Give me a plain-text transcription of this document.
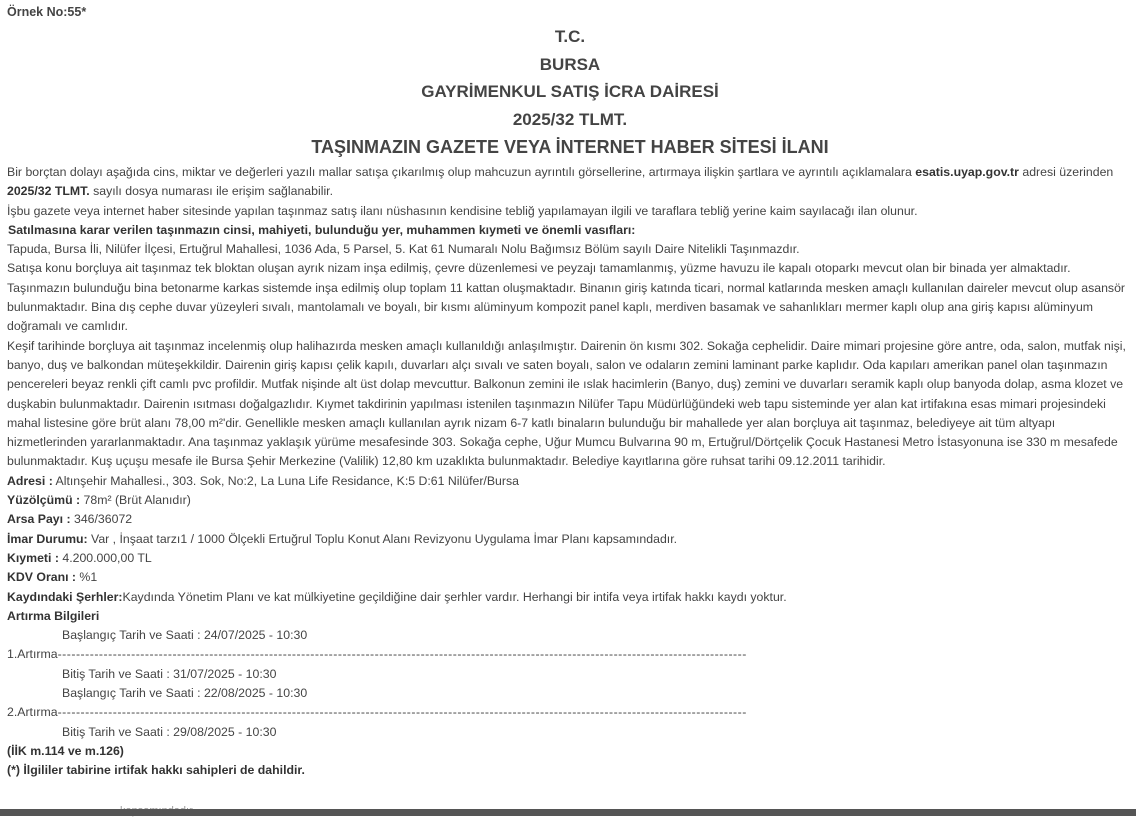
Örnek No:55*
T.C.
BURSA
GAYRİMENKUL SATIŞ İCRA DAİRESİ
2025/32 TLMT.
TAŞINMAZIN GAZETE VEYA İNTERNET HABER SİTESİ İLANI

Bir borçtan dolayı aşağıda cins, miktar ve değerleri yazılı mallar satışa çıkarılmış olup mahcuzun ayrıntılı görsellerine, artırmaya ilişkin şartlara ve ayrıntılı açıklamalara esatis.uyap.gov.tr adresi üzerinden 2025/32 TLMT. sayılı dosya numarası ile erişim sağlanabilir.

İşbu gazete veya internet haber sitesinde yapılan taşınmaz satış ilanı nüshasının kendisine tebliğ yapılamayan ilgili ve taraflara tebliğ yerine kaim sayılacağı ilan olunur.

Satılmasına karar verilen taşınmazın cinsi, mahiyeti, bulunduğu yer, muhammen kıymeti ve önemli vasıfları:

Tapuda, Bursa İli, Nilüfer İlçesi, Ertuğrul Mahallesi, 1036 Ada, 5 Parsel, 5. Kat 61 Numaralı Nolu Bağımsız Bölüm sayılı Daire Nitelikli Taşınmazdır.

Satışa konu borçluya ait taşınmaz tek bloktan oluşan ayrık nizam inşa edilmiş, çevre düzenlemesi ve peyzajı tamamlanmış, yüzme havuzu ile kapalı otoparkı mevcut olan bir binada yer almaktadır. Taşınmazın bulunduğu bina betonarme karkas sistemde inşa edilmiş olup toplam 11 kattan oluşmaktadır. Binanın giriş katında ticari, normal katlarında mesken amaçlı kullanılan daireler mevcut olup asansör bulunmaktadır. Bina dış cephe duvar yüzeyleri sıvalı, mantolamalı ve boyalı, bir kısmı alüminyum kompozit panel kaplı, merdiven basamak ve sahanlıkları mermer kaplı olup ana giriş kapısı alüminyum doğramalı ve camlıdır.

Keşif tarihinde borçluya ait taşınmaz incelenmiş olup halihazırda mesken amaçlı kullanıldığı anlaşılmıştır. Dairenin ön kısmı 302. Sokağa cephelidir. Daire mimari projesine göre antre, oda, salon, mutfak nişi, banyo, duş ve balkondan müteşekkildir. Dairenin giriş kapısı çelik kapılı, duvarları alçı sıvalı ve saten boyalı, salon ve odaların zemini laminant parke kaplıdır. Oda kapıları amerikan panel olan taşınmazın pencereleri beyaz renkli çift camlı pvc profildir. Mutfak nişinde alt üst dolap mevcuttur. Balkonun zemini ile ıslak hacimlerin (Banyo, duş) zemini ve duvarları seramik kaplı olup banyoda dolap, asma klozet ve duşkabin bulunmaktadır. Dairenin ısıtması doğalgazlıdır. Kıymet takdirinin yapılması istenilen taşınmazın Nilüfer Tapu Müdürlüğündeki web tapu sisteminde yer alan kat irtifakına esas mimari projesindeki mahal listesine göre brüt alanı 78,00 m²'dir. Genellikle mesken amaçlı kullanılan ayrık nizam 6-7 katlı binaların bulunduğu bir mahallede yer alan borçluya ait taşınmaz, belediyeye ait tüm altyapı hizmetlerinden yararlanmaktadır. Ana taşınmaz yaklaşık yürüme mesafesinde 303. Sokağa cephe, Uğur Mumcu Bulvarına 90 m, Ertuğrul/Dörtçelik Çocuk Hastanesi Metro İstasyonuna ise 330 m mesafede bulunmaktadır. Kuş uçuşu mesafe ile Bursa Şehir Merkezine (Valilik) 12,80 km uzaklıkta bulunmaktadır. Belediye kayıtlarına göre ruhsat tarihi 09.12.2011 tarihidir.

Adresi : Altınşehir Mahallesi., 303. Sok, No:2, La Luna Life Residance, K:5 D:61 Nilüfer/Bursa

Yüzölçümü : 78m² (Brüt Alanıdır)

Arsa Payı : 346/36072

İmar Durumu: Var , İnşaat tarzı1 / 1000 Ölçekli Ertuğrul Toplu Konut Alanı Revizyonu Uygulama İmar Planı kapsamındadır.

Kıymeti : 4.200.000,00 TL

KDV Oranı : %1

Kaydındaki Şerhler:Kaydında Yönetim Planı ve kat mülkiyetine geçildiğine dair şerhler vardır. Herhangi bir intifa veya irtifak hakkı kaydı yoktur.

Artırma Bilgileri

Başlangıç Tarih ve Saati : 24/07/2025 - 10:30

1.Artırma ------------------------------------------------------------------------------------------------------------------------------------------------------

Bitiş Tarih ve Saati : 31/07/2025 - 10:30

Başlangıç Tarih ve Saati : 22/08/2025 - 10:30

2.Artırma ------------------------------------------------------------------------------------------------------------------------------------------------------

Bitiş Tarih ve Saati : 29/08/2025 - 10:30

(İİK m.114 ve m.126)

(*) İlgililer tabirine irtifak hakkı sahipleri de dahildir.
